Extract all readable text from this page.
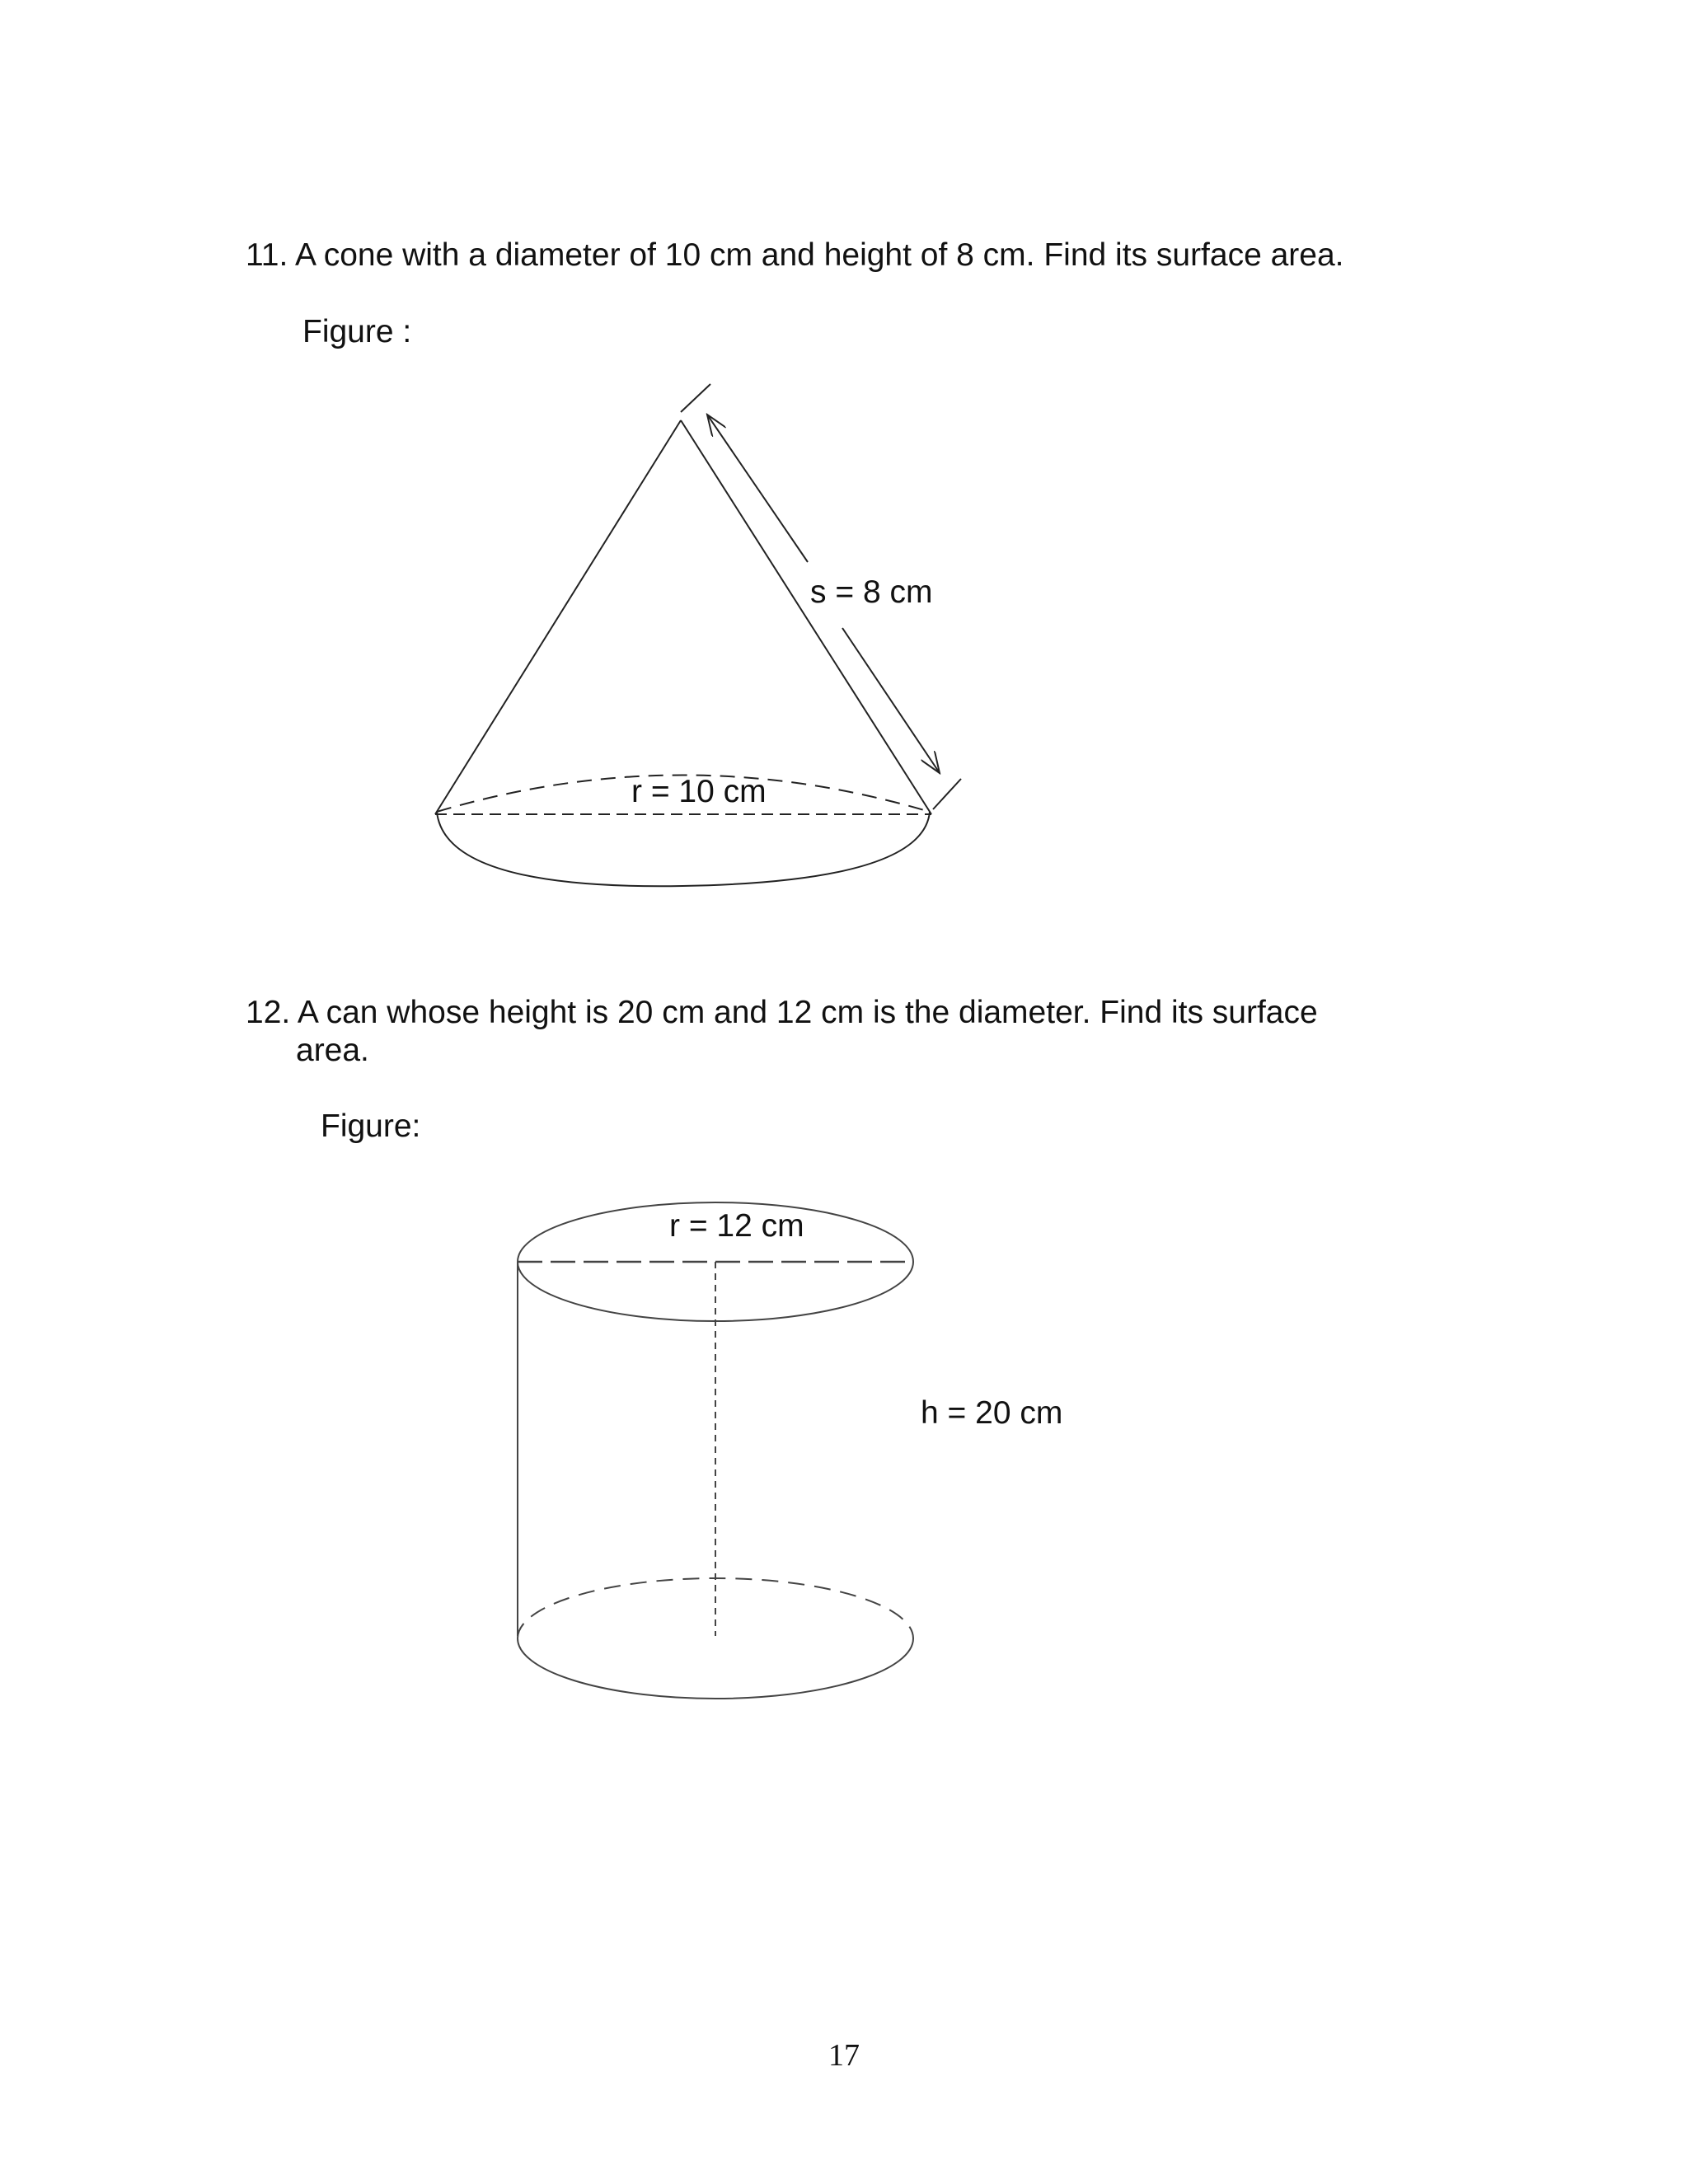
11. A cone with a diameter of 10 cm and height of 8 cm. Find its surface area.
Figure :
s = 8 cm
r = 10 cm
12. A can whose height is 20 cm and 12 cm is the diameter. Find its surface
area.
Figure:
r = 12 cm
h = 20 cm
17
